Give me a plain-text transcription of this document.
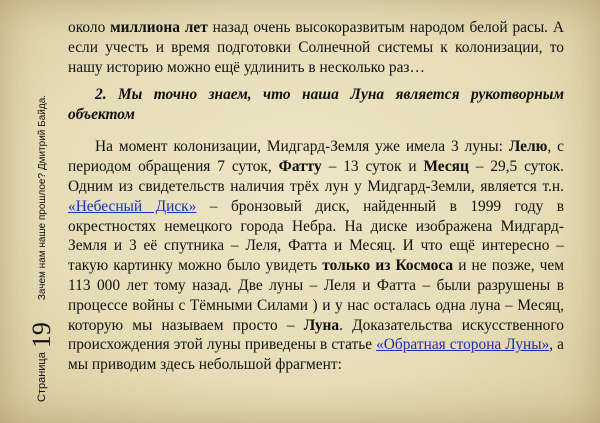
Страница
19
Зачем нам наше прошлое? Дмитрий Байда.

около миллиона лет назад очень высокоразвитым народом белой расы. А если учесть и время подготовки Солнечной системы к колонизации, то нашу историю можно ещё удлинить в несколько раз…

2. Мы точно знаем, что наша Луна является рукотворным объектом

На момент колонизации, Мидгард-Земля уже имела 3 луны: Лелю, с периодом обращения 7 суток, Фатту – 13 суток и Месяц – 29,5 суток. Одним из свидетельств наличия трёх лун у Мидгард-Земли, является т.н. «Небесный Диск» – бронзовый диск, найденный в 1999 году в окрестностях немецкого города Небра. На диске изображена Мидгард-Земля и 3 её спутника – Леля, Фатта и Месяц. И что ещё интересно – такую картинку можно было увидеть только из Космоса и не позже, чем 113 000 лет тому назад. Две луны – Леля и Фатта – были разрушены в процессе войны с Тёмными Силами ) и у нас осталась одна луна – Месяц, которую мы называем просто – Луна. Доказательства искусственного происхождения этой луны приведены в статье «Обратная сторона Луны», а мы приводим здесь небольшой фрагмент:
